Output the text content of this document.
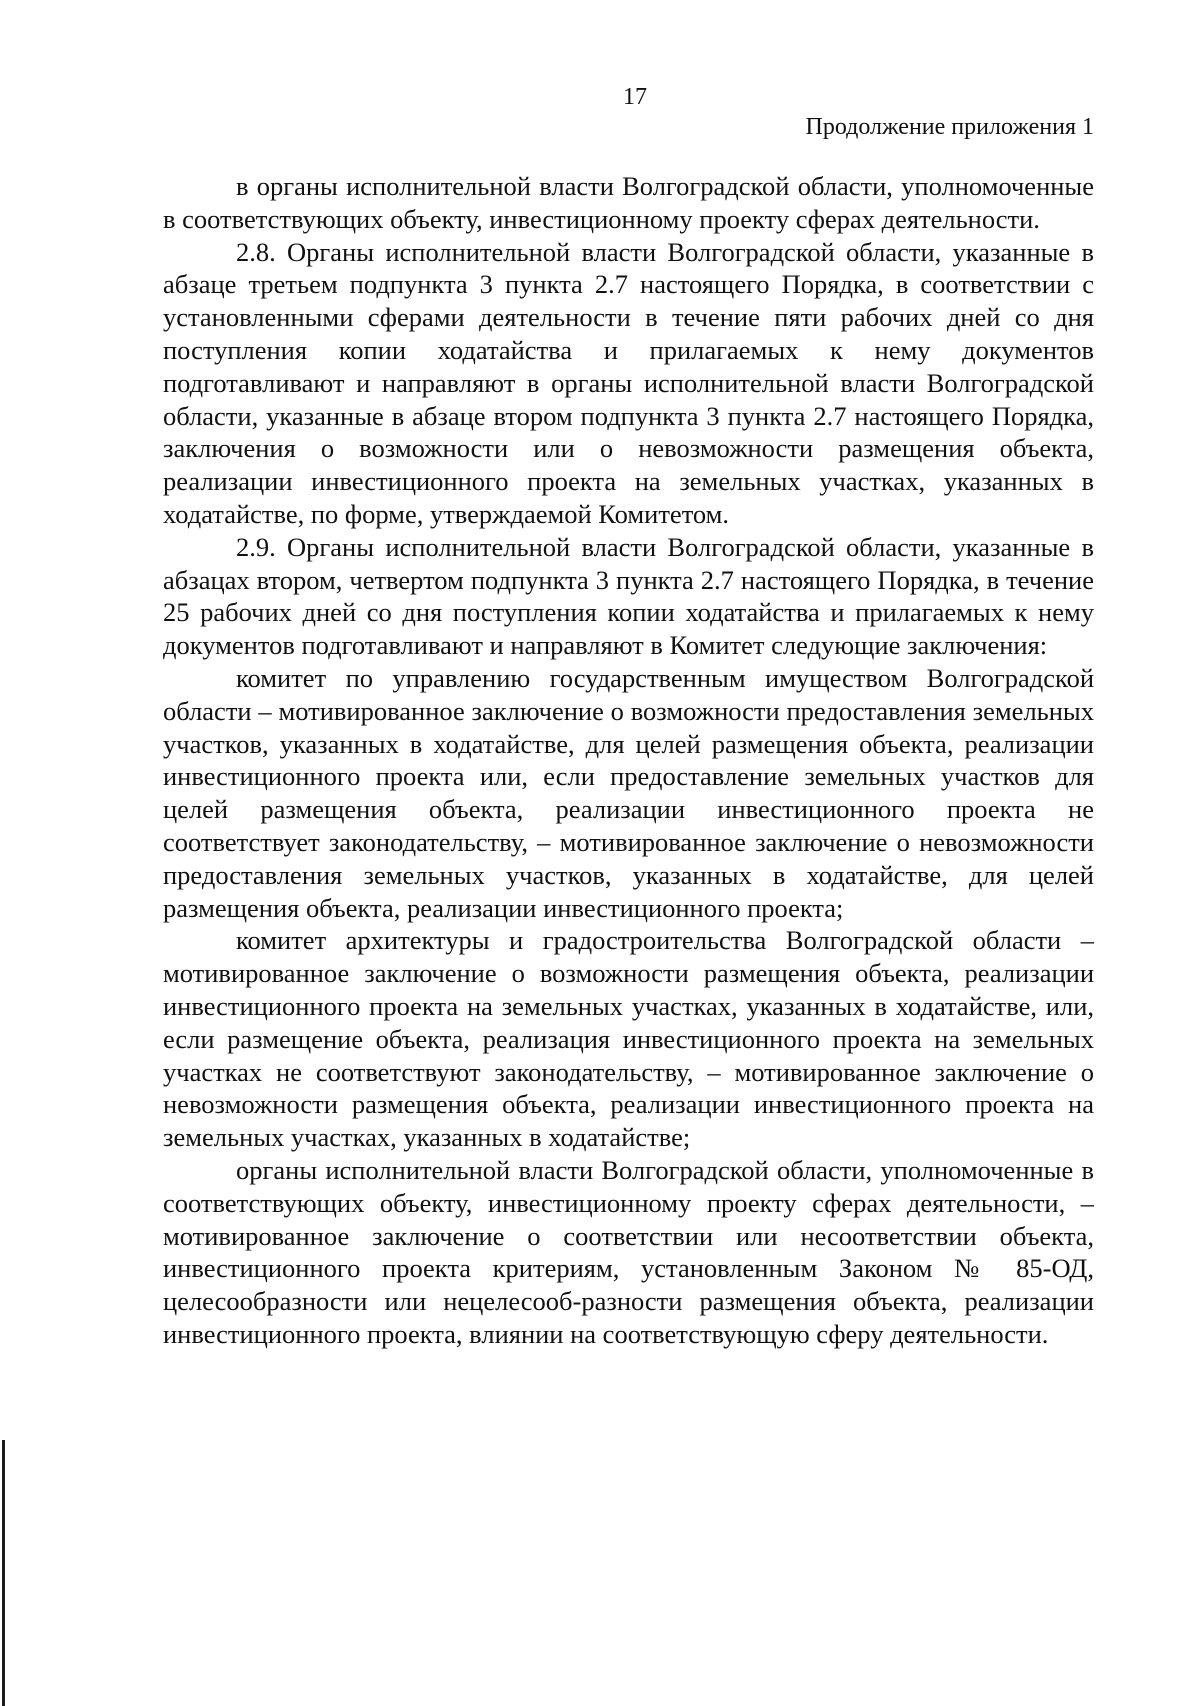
17
Продолжение приложения 1

в органы исполнительной власти Волгоградской области, уполномоченные в соответствующих объекту, инвестиционному проекту сферах деятельности.

2.8. Органы исполнительной власти Волгоградской области, указанные в абзаце третьем подпункта 3 пункта 2.7 настоящего Порядка, в соответствии с установленными сферами деятельности в течение пяти рабочих дней со дня поступления копии ходатайства и прилагаемых к нему документов подготавливают и направляют в органы исполнительной власти Волгоградской области, указанные в абзаце втором подпункта 3 пункта 2.7 настоящего Порядка, заключения о возможности или о невозможности размещения объекта, реализации инвестиционного проекта на земельных участках, указанных в ходатайстве, по форме, утверждаемой Комитетом.

2.9. Органы исполнительной власти Волгоградской области, указанные в абзацах втором, четвертом подпункта 3 пункта 2.7 настоящего Порядка, в течение 25 рабочих дней со дня поступления копии ходатайства и прилагаемых к нему документов подготавливают и направляют в Комитет следующие заключения:

комитет по управлению государственным имуществом Волгоградской области – мотивированное заключение о возможности предоставления земельных участков, указанных в ходатайстве, для целей размещения объекта, реализации инвестиционного проекта или, если предоставление земельных участков для целей размещения объекта, реализации инвестиционного проекта не соответствует законодательству, – мотивированное заключение о невозможности предоставления земельных участков, указанных в ходатайстве, для целей размещения объекта, реализации инвестиционного проекта;

комитет архитектуры и градостроительства Волгоградской области – мотивированное заключение о возможности размещения объекта, реализации инвестиционного проекта на земельных участках, указанных в ходатайстве, или, если размещение объекта, реализация инвестиционного проекта на земельных участках не соответствуют законодательству, – мотивированное заключение о невозможности размещения объекта, реализации инвестиционного проекта на земельных участках, указанных в ходатайстве;

органы исполнительной власти Волгоградской области, уполномоченные в соответствующих объекту, инвестиционному проекту сферах деятельности, – мотивированное заключение о соответствии или несоответствии объекта, инвестиционного проекта критериям, установленным Законом № 85-ОД, целесообразности или нецелесооб-разности размещения объекта, реализации инвестиционного проекта, влиянии на соответствующую сферу деятельности.
